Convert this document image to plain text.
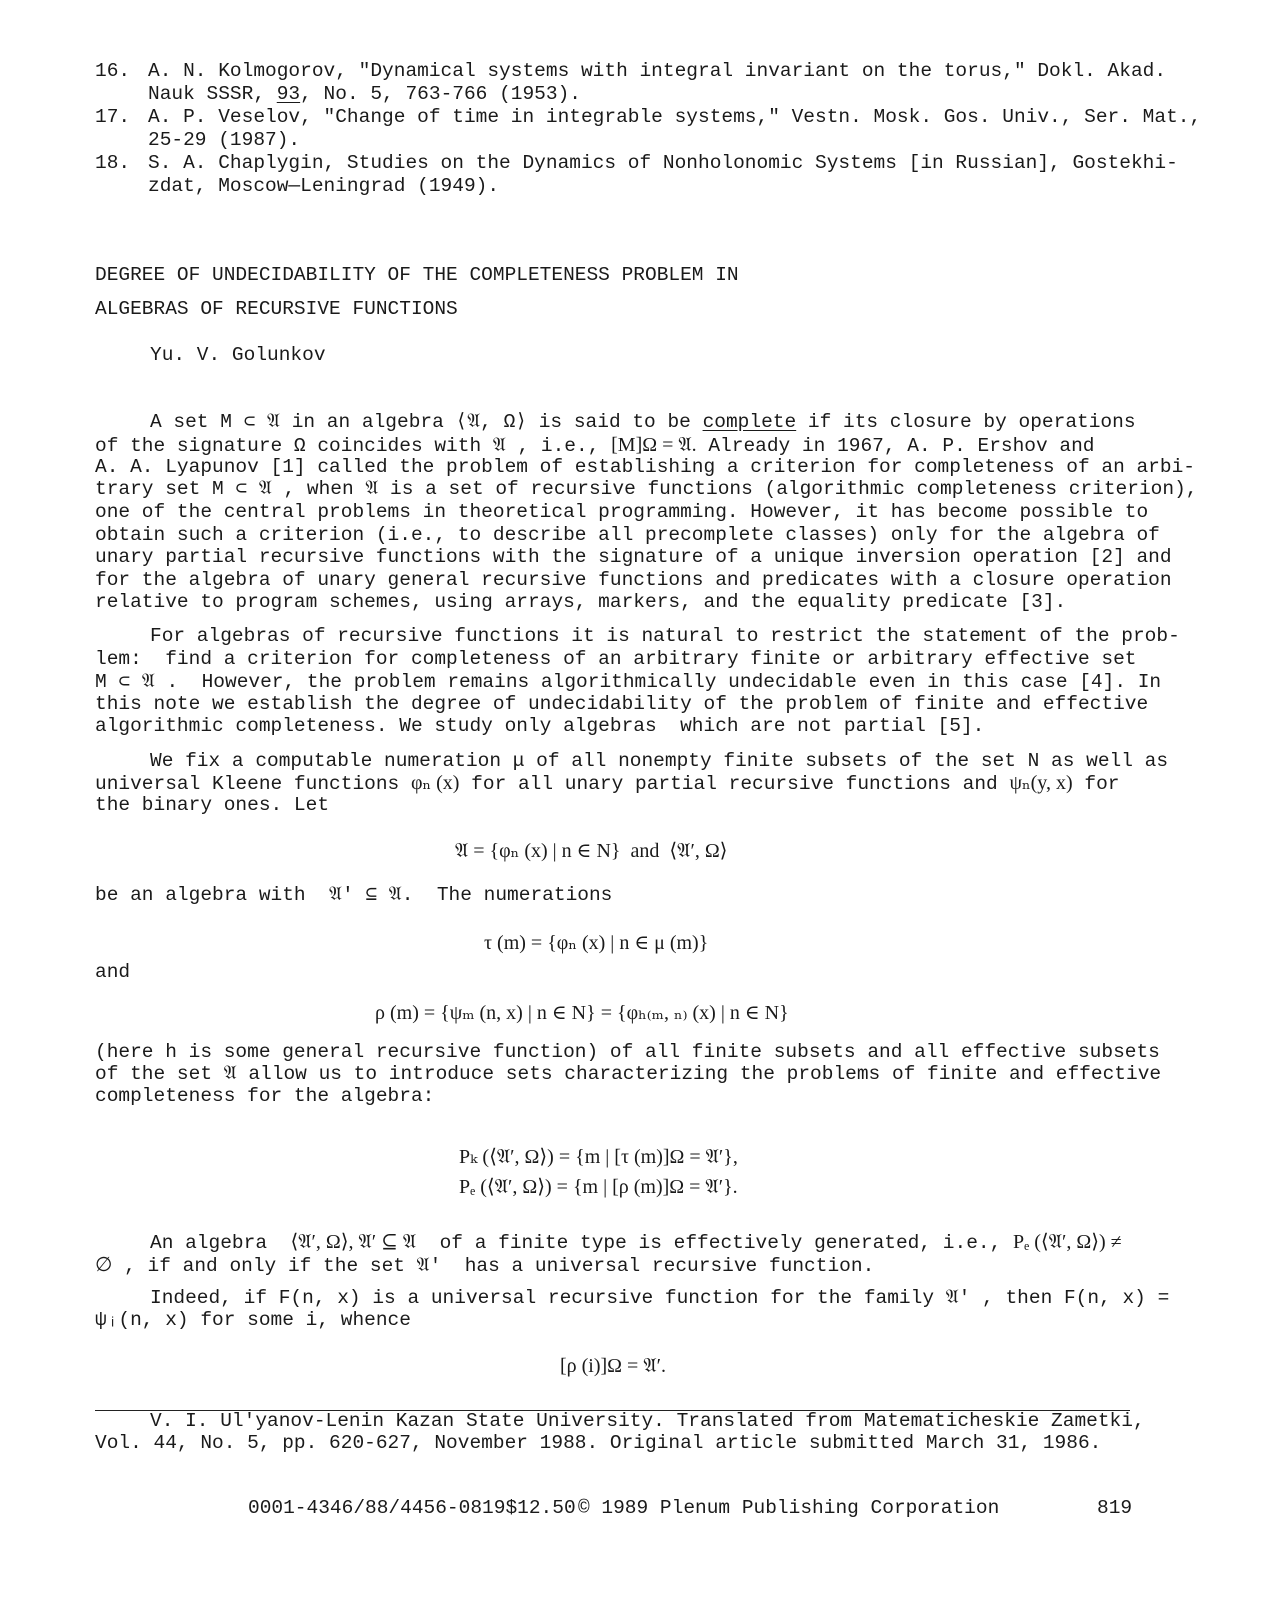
16. A. N. Kolmogorov, "Dynamical systems with integral invariant on the torus," Dokl. Akad.
Nauk SSSR, 93, No. 5, 763-766 (1953).
17. A. P. Veselov, "Change of time in integrable systems," Vestn. Mosk. Gos. Univ., Ser. Mat.,
25-29 (1987).
18. S. A. Chaplygin, Studies on the Dynamics of Nonholonomic Systems [in Russian], Gostekhi-
zdat, Moscow—Leningrad (1949).
DEGREE OF UNDECIDABILITY OF THE COMPLETENESS PROBLEM IN
ALGEBRAS OF RECURSIVE FUNCTIONS
Yu. V. Golunkov
A set M ⊂ 𝔄 in an algebra ⟨𝔄, Ω⟩ is said to be complete if its closure by operations
of the signature Ω coincides with 𝔄 , i.e., [M]Ω = 𝔄. Already in 1967, A. P. Ershov and
A. A. Lyapunov [1] called the problem of establishing a criterion for completeness of an arbi-
trary set M ⊂ 𝔄 , when 𝔄 is a set of recursive functions (algorithmic completeness criterion),
one of the central problems in theoretical programming. However, it has become possible to
obtain such a criterion (i.e., to describe all precomplete classes) only for the algebra of
unary partial recursive functions with the signature of a unique inversion operation [2] and
for the algebra of unary general recursive functions and predicates with a closure operation
relative to program schemes, using arrays, markers, and the equality predicate [3].
For algebras of recursive functions it is natural to restrict the statement of the prob-
lem:  find a criterion for completeness of an arbitrary finite or arbitrary effective set
M ⊂ 𝔄 .  However, the problem remains algorithmically undecidable even in this case [4]. In
this note we establish the degree of undecidability of the problem of finite and effective
algorithmic completeness. We study only algebras  which are not partial [5].
We fix a computable numeration μ of all nonempty finite subsets of the set N as well as
universal Kleene functions φₙ (x) for all unary partial recursive functions and ψₙ(y, x) for
the binary ones. Let
𝔄 = {φₙ (x) | n ∈ N}  and  ⟨𝔄′, Ω⟩
be an algebra with  𝔄′ ⊆ 𝔄.  The numerations
τ (m) = {φₙ (x) | n ∈ μ (m)}
and
ρ (m) = {ψₘ (n, x) | n ∈ N} = {φₕ₍ₘ, ₙ₎ (x) | n ∈ N}
(here h is some general recursive function) of all finite subsets and all effective subsets
of the set 𝔄 allow us to introduce sets characterizing the problems of finite and effective
completeness for the algebra:
Pₖ (⟨𝔄′, Ω⟩) = {m | [τ (m)]Ω = 𝔄′},
Pₑ (⟨𝔄′, Ω⟩) = {m | [ρ (m)]Ω = 𝔄′}.
An algebra  ⟨𝔄′, Ω⟩, 𝔄′ ⊆ 𝔄  of a finite type is effectively generated, i.e., Pₑ (⟨𝔄′, Ω⟩) ≠
∅ , if and only if the set 𝔄′  has a universal recursive function.
Indeed, if F(n, x) is a universal recursive function for the family 𝔄′ , then F(n, x) =
ψᵢ(n, x) for some i, whence
[ρ (i)]Ω = 𝔄′.
V. I. Ul'yanov-Lenin Kazan State University. Translated from Matematicheskie Zametki,
Vol. 44, No. 5, pp. 620-627, November 1988. Original article submitted March 31, 1986.
0001-4346/88/4456-0819$12.50 © 1989 Plenum Publishing Corporation	819
